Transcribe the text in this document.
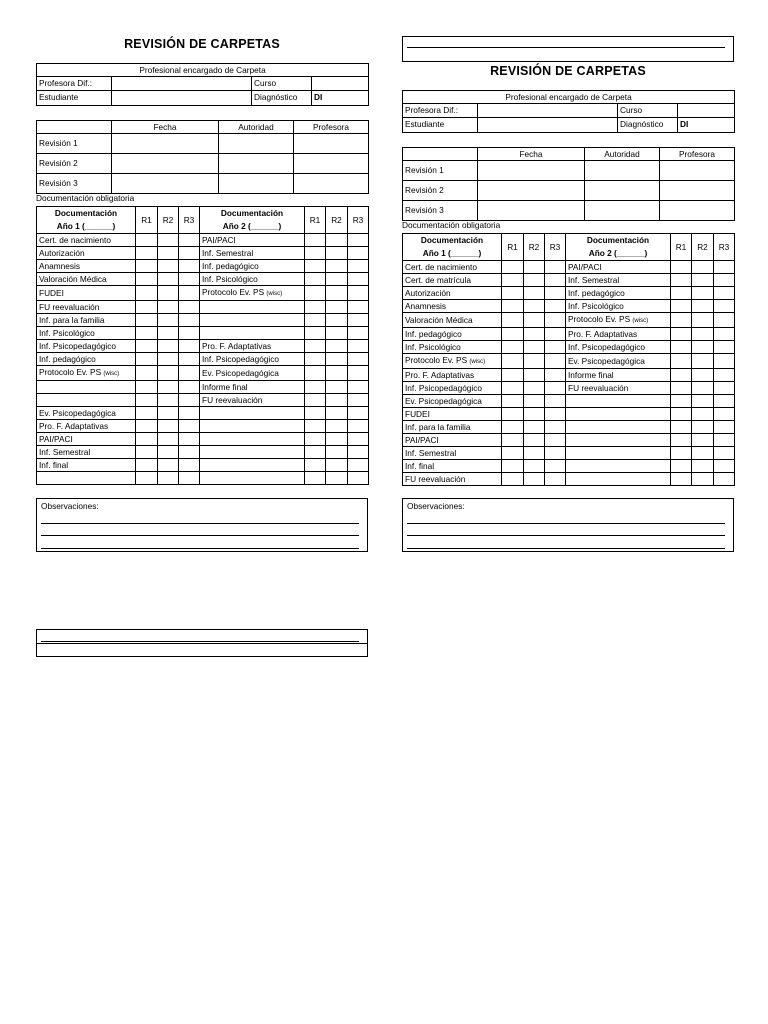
REVISIÓN DE CARPETAS
Profesional encargado de Carpeta			
Profesora Dif.:		Curso	
Estudiante		Diagnóstico	DI
	Fecha	Autoridad	Profesora
Revisión 1			
Revisión 2			
Revisión 3			
Documentación obligatoria
Documentación	R1	R2	R3	Documentación	R1	R2	R3
Año 1 (______)				Año 2 (______)			
Cert. de nacimiento				PAI/PACI			
Autorización				Inf. Semestral			
Anamnesis				Inf. pedagógico			
Valoración Médica				Inf. Psicológico			
FUDEI				Protocolo Ev. PS (wisc)			
FU reevaluación							
Inf. para la familia							
Inf. Psicológico							
Inf. Psicopedagógico				Pro. F. Adaptativas			
Inf. pedagógico				Inf. Psicopedagógico			
Protocolo Ev. PS (wisc)				Ev. Psicopedagógica			
				Informe final			
				FU reevaluación			
Ev. Psicopedagógica							
Pro. F. Adaptativas							
PAI/PACI							
Inf. Semestral							
Inf. final							

Observaciones:
REVISIÓN DE CARPETAS
Profesional encargado de Carpeta			
Profesora Dif.:		Curso	
Estudiante		Diagnóstico	DI
	Fecha	Autoridad	Profesora
Revisión 1			
Revisión 2			
Revisión 3			
Documentación obligatoria
Documentación	R1	R2	R3	Documentación	R1	R2	R3
Año 1 (______)				Año 2 (______)			
Cert. de nacimiento				PAI/PACI			
Cert. de matrícula				Inf. Semestral			
Autorización				Inf. pedagógico			
Anamnesis				Inf. Psicológico			
Valoración Médica				Protocolo Ev. PS (wisc)			
Inf. pedagógico				Pro. F. Adaptativas			
Inf. Psicológico				Inf. Psicopedagógico			
Protocolo Ev. PS (wisc)				Ev. Psicopedagógica			
Pro. F. Adaptativas				Informe final			
Inf. Psicopedagógico				FU reevaluación			
Ev. Psicopedagógica							
FUDEI							
Inf. para la familia							
PAI/PACI							
Inf. Semestral							
Inf. final							
FU reevaluación							
Observaciones:
